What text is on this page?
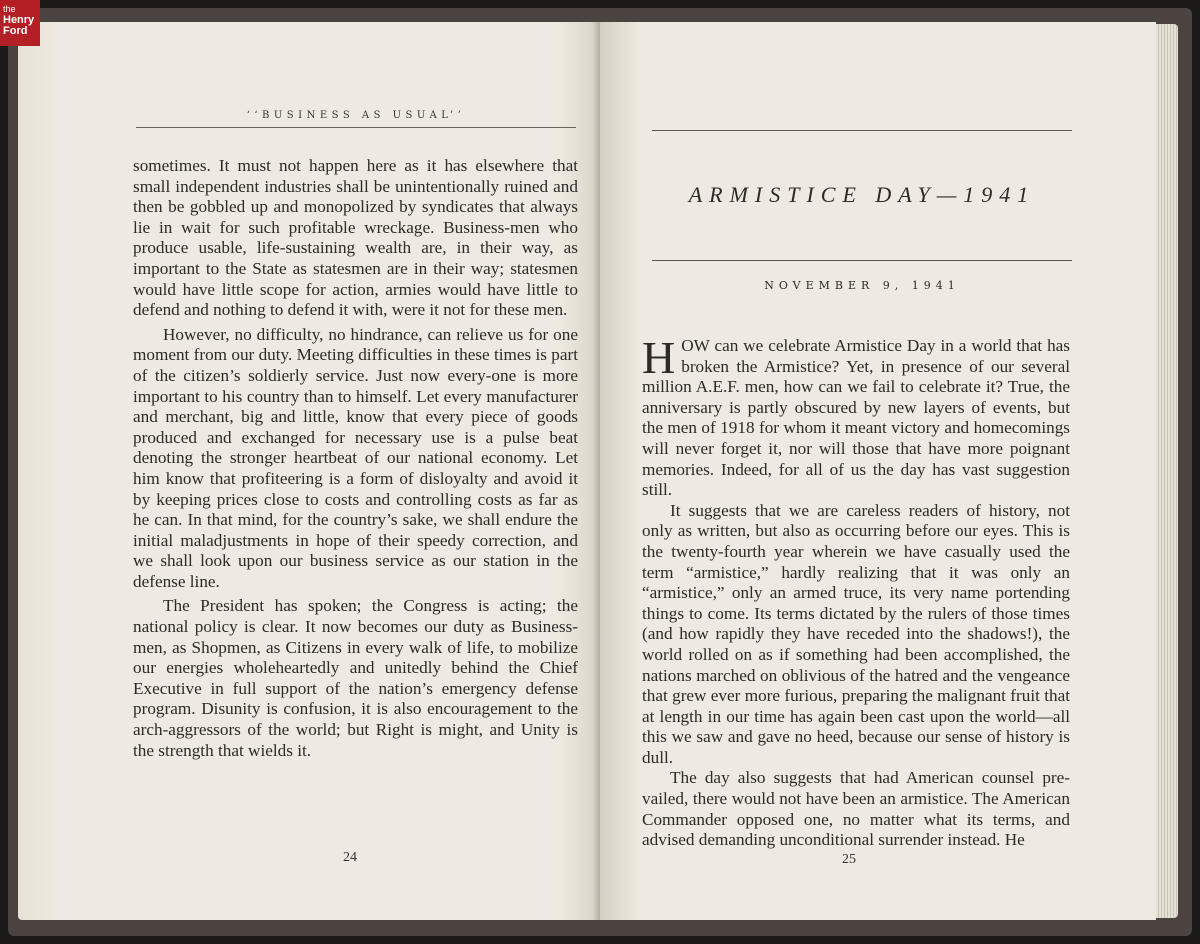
‘‘BUSINESS AS USUAL’’

sometimes. It must not happen here as it has elsewhere that small independent industries shall be unintentionally ruined and then be gobbled up and monopolized by syndicates that always lie in wait for such profitable wreckage. Business-men who produce usable, life-sustaining wealth are, in their way, as important to the State as statesmen are in their way; statesmen would have little scope for action, armies would have little to defend and nothing to defend it with, were it not for these men.

However, no difficulty, no hindrance, can relieve us for one moment from our duty. Meeting difficulties in these times is part of the citizen’s soldierly service. Just now every-one is more important to his country than to himself. Let every manufacturer and merchant, big and little, know that every piece of goods produced and exchanged for necessary use is a pulse beat denoting the stronger heartbeat of our national economy. Let him know that profiteering is a form of disloyalty and avoid it by keeping prices close to costs and controlling costs as far as he can. In that mind, for the country’s sake, we shall endure the initial maladjustments in hope of their speedy correction, and we shall look upon our business service as our station in the defense line.

The President has spoken; the Congress is acting; the national policy is clear. It now becomes our duty as Business-men, as Shopmen, as Citizens in every walk of life, to mobilize our energies wholeheartedly and unitedly behind the Chief Executive in full support of the nation’s emergency defense program. Disunity is confusion, it is also encouragement to the arch-aggressors of the world; but Right is might, and Unity is the strength that wields it.

24
ARMISTICE DAY—1941
NOVEMBER 9, 1941

HOW can we celebrate Armistice Day in a world that has broken the Armistice? Yet, in presence of our several million A.E.F. men, how can we fail to celebrate it? True, the anniversary is partly obscured by new layers of events, but the men of 1918 for whom it meant victory and homecomings will never forget it, nor will those that have more poignant memories. Indeed, for all of us the day has vast suggestion still.

It suggests that we are careless readers of history, not only as written, but also as occurring before our eyes. This is the twenty-fourth year wherein we have casually used the term “armistice,” hardly realizing that it was only an “armistice,” only an armed truce, its very name portending things to come. Its terms dictated by the rulers of those times (and how rapidly they have receded into the shadows!), the world rolled on as if something had been accomplished, the nations marched on oblivious of the hatred and the vengeance that grew ever more furious, preparing the malignant fruit that at length in our time has again been cast upon the world—all this we saw and gave no heed, because our sense of history is dull.

The day also suggests that had American counsel pre-vailed, there would not have been an armistice. The American Commander opposed one, no matter what its terms, and advised demanding unconditional surrender instead. He

25
the
Henry
Ford
